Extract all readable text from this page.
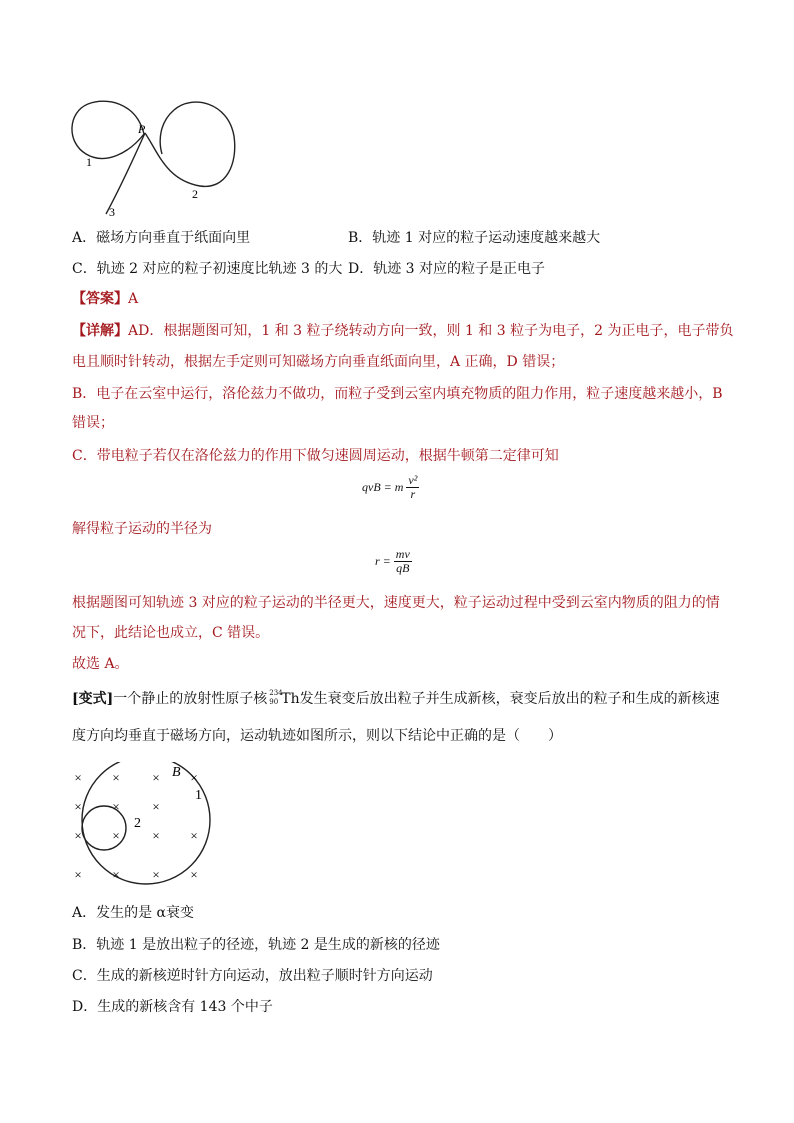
P
1
2
3
A．磁场方向垂直于纸面向里	B．轨迹 1 对应的粒子运动速度越来越大
C．轨迹 2 对应的粒子初速度比轨迹 3 的大 D．轨迹 3 对应的粒子是正电子
【答案】A
【详解】AD．根据题图可知，1 和 3 粒子绕转动方向一致，则 1 和 3 粒子为电子，2 为正电子，电子带负
电且顺时针转动，根据左手定则可知磁场方向垂直纸面向里，A 正确，D 错误；
B．电子在云室中运行，洛伦兹力不做功，而粒子受到云室内填充物质的阻力作用，粒子速度越来越小，B
错误；
C．带电粒子若仅在洛伦兹力的作用下做匀速圆周运动，根据牛顿第二定律可知
qvB = m $\frac{\text{v²}}{r}$
解得粒子运动的半径为
$r = \frac{mv}{qB}$
根据题图可知轨迹 3 对应的粒子运动的半径更大，速度更大，粒子运动过程中受到云室内物质的阻力的情
况下，此结论也成立，C 错误。
故选 A。
[变式]一个静止的放射性原子核 234
90 Th发生衰变后放出粒子并生成新核，衰变后放出的粒子和生成的新核速
度方向均垂直于磁场方向，运动轨迹如图所示，则以下结论中正确的是（　　）
× ×	× ×
× ×	×
× ×	× ×
× ×	× ×
B
1
2
A．发生的是 α衰变
B．轨迹 1 是放出粒子的径迹，轨迹 2 是生成的新核的径迹
C．生成的新核逆时针方向运动，放出粒子顺时针方向运动
D．生成的新核含有 143 个中子
